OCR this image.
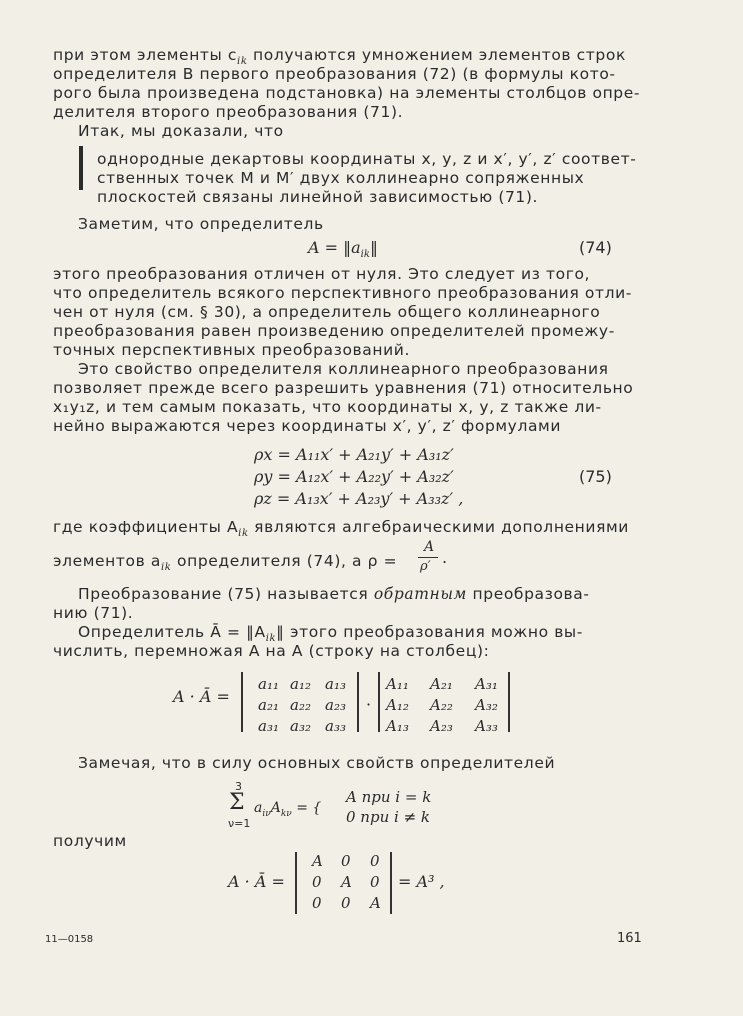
при этом элементы $c_{ik}$ получаются умножением элементов строк
определителя B первого преобразования (72) (в формулы кото-
рого была произведена подстановка) на элементы столбцов опре-
делителя второго преобразования (71).
Итак, мы доказали, что
однородные декартовы координаты x, y, z и x′, y′, z′ соответ-
ственных точек M и M′ двух коллинеарно сопряженных
плоскостей связаны линейной зависимостью (71).
Заметим, что определитель
$A = ‖a_{ik}‖$	(74)
этого преобразования отличен от нуля. Это следует из того,
что определитель всякого перспективного преобразования отли-
чен от нуля (см. § 30), а определитель общего коллинеарного
преобразования равен произведению определителей промежу-
точных перспективных преобразований.
Это свойство определителя коллинеарного преобразования
позволяет прежде всего разрешить уравнения (71) относительно
x₁y₁z, и тем самым показать, что координаты x, y, z также ли-
нейно выражаются через координаты x′, y′, z′ формулами
ρx = A₁₁x′ + A₂₁y′ + A₃₁z′
ρy = A₁₂x′ + A₂₂y′ + A₃₂z′
ρz = A₁₃x′ + A₂₃y′ + A₃₃z′ ,
(75)
где коэффициенты $A_{ik}$ являются алгебраическими дополнениями
элементов $a_{ik}$ определителя (74), а ρ =
A
ρ′ .
Преобразование (75) называется обратным преобразова-
нию (71).
Определитель Ā = $‖A_{ik}‖$ этого преобразования можно вы-
числить, перемножая A на A (строку на столбец):
A · Ā =
a₁₁ a₁₂ a₁₃
a₂₁ a₂₂ a₂₃
a₃₁ a₃₂ a₃₃
·
A₁₁ A₂₁ A₃₁
A₁₂ A₂₂ A₃₂
A₁₃ A₂₃ A₃₃
Замечая, что в силу основных свойств определителей
3
Σ
ν=1
$a_{i\nu}A_{k\nu}$ = {
A при i = k
0 при i ≠ k
получим
A · Ā =
A 0 0
0 A 0
0 0 A
= A³ ,
11—0158	161
